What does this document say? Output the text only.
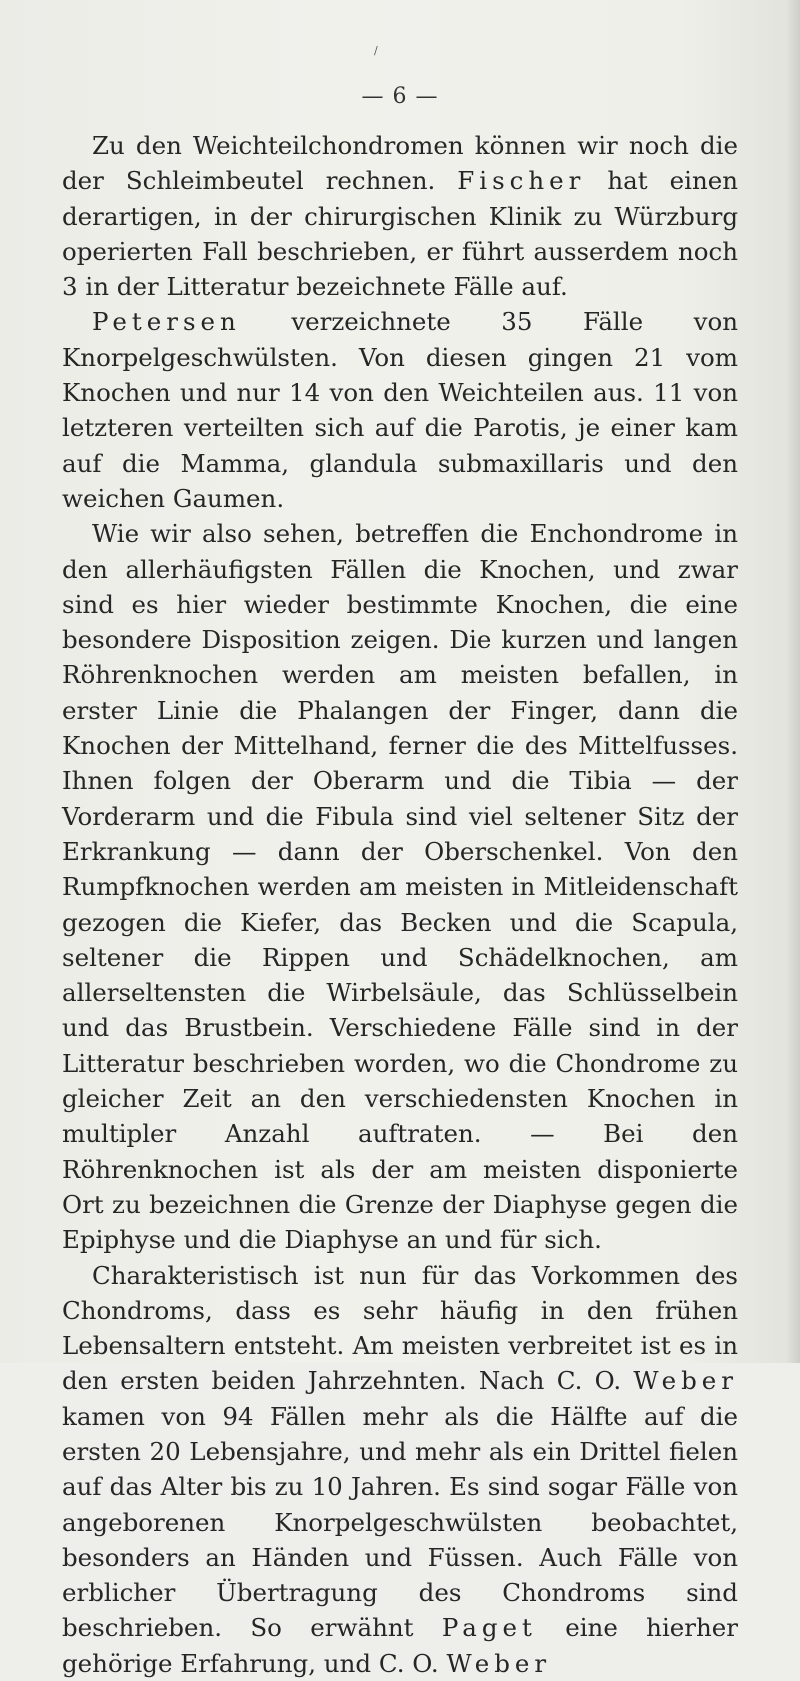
/
— 6 —

Zu den Weichteilchondromen können wir noch die der Schleimbeutel rechnen. Fischer hat einen derartigen, in der chirurgischen Klinik zu Würzburg operierten Fall beschrieben, er führt ausserdem noch 3 in der Litteratur bezeichnete Fälle auf.

Petersen verzeichnete 35 Fälle von Knorpelgeschwülsten. Von diesen gingen 21 vom Knochen und nur 14 von den Weichteilen aus. 11 von letzteren verteilten sich auf die Parotis, je einer kam auf die Mamma, glandula submaxillaris und den weichen Gaumen.

Wie wir also sehen, betreffen die Enchondrome in den allerhäufigsten Fällen die Knochen, und zwar sind es hier wieder bestimmte Knochen, die eine besondere Disposition zeigen. Die kurzen und langen Röhrenknochen werden am meisten befallen, in erster Linie die Phalangen der Finger, dann die Knochen der Mittelhand, ferner die des Mittelfusses. Ihnen folgen der Oberarm und die Tibia — der Vorderarm und die Fibula sind viel seltener Sitz der Erkrankung — dann der Oberschenkel. Von den Rumpfknochen werden am meisten in Mitleidenschaft gezogen die Kiefer, das Becken und die Scapula, seltener die Rippen und Schädelknochen, am allerseltensten die Wirbelsäule, das Schlüsselbein und das Brustbein. Verschiedene Fälle sind in der Litteratur beschrieben worden, wo die Chondrome zu gleicher Zeit an den verschiedensten Knochen in multipler Anzahl auftraten. — Bei den Röhrenknochen ist als der am meisten disponierte Ort zu bezeichnen die Grenze der Diaphyse gegen die Epiphyse und die Diaphyse an und für sich.

Charakteristisch ist nun für das Vorkommen des Chondroms, dass es sehr häufig in den frühen Lebensaltern entsteht. Am meisten verbreitet ist es in den ersten beiden Jahrzehnten. Nach C. O. Weber kamen von 94 Fällen mehr als die Hälfte auf die ersten 20 Lebensjahre, und mehr als ein Drittel fielen auf das Alter bis zu 10 Jahren. Es sind sogar Fälle von angeborenen Knorpelgeschwülsten beobachtet, besonders an Händen und Füssen. Auch Fälle von erblicher Übertragung des Chondroms sind beschrieben. So erwähnt Paget eine hierher gehörige Erfahrung, und C. O. Weber
